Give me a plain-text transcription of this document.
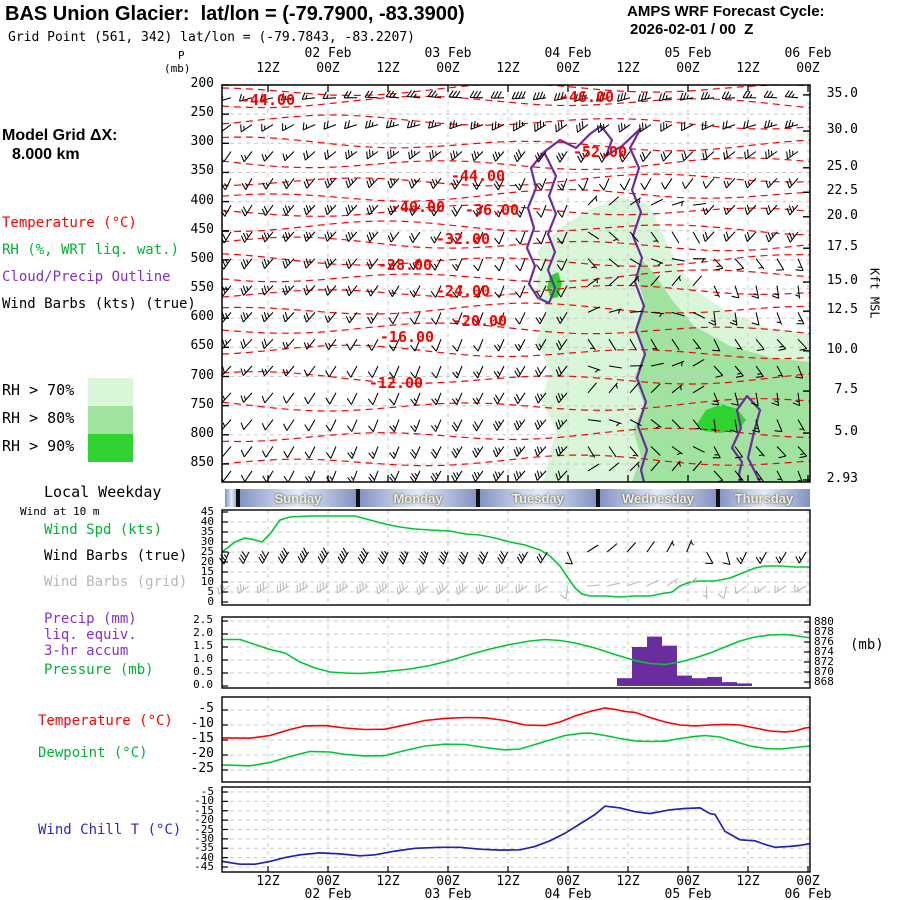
BAS Union Glacier:  lat/lon = (-79.7900, -83.3900)
Grid Point (561, 342) lat/lon = (-79.7843, -83.2207)
AMPS WRF Forecast Cycle:
2026-02-01 / 00  Z
Model Grid ΔX:
8.000 km
Temperature (°C)
RH (%, WRT liq. wat.)
Cloud/Precip Outline
Wind Barbs (kts) (true)
Local Weekday
Wind at 10 m
Wind Spd (kts)
Wind Barbs (true)
Wind Barbs (grid)
Precip (mm)
liq. equiv.
3-hr accum
Pressure (mb)
Temperature (°C)
Dewpoint (°C)
Wind Chill T (°C)
P
(mb)
Kft MSL
(mb)
Sunday	Monday	Tuesday	Wednesday	Thursday
200
250
300
350
400
450
500
550
600
650
700
750
800
850
35.0
30.0
25.0
22.5
20.0
17.5
15.0
12.5
10.0
7.5
5.0
2.93
12Z
12Z
00Z
00Z
12Z
12Z
00Z
00Z
12Z
12Z
00Z
00Z
12Z
12Z
00Z
00Z
12Z
12Z
00Z
00Z
02 Feb
02 Feb
03 Feb
03 Feb
04 Feb
04 Feb
05 Feb
05 Feb
06 Feb
06 Feb
45
40
35
30
25
20
15
10
5
0
2.5
2.0
1.5
1.0
0.5
0.0
880
878
876
874
872
870
868
-5
-10
-15
-20
-25
-5
-10
-15
-20
-25
-30
-35
-40
-45
-44.00	-46.00
-52.00
-44.00
-40.00 -36.00
-32.00
-28.00
-24.00
-20.00
-16.00
-12.00
RH > 70%
RH > 80%
RH > 90%
